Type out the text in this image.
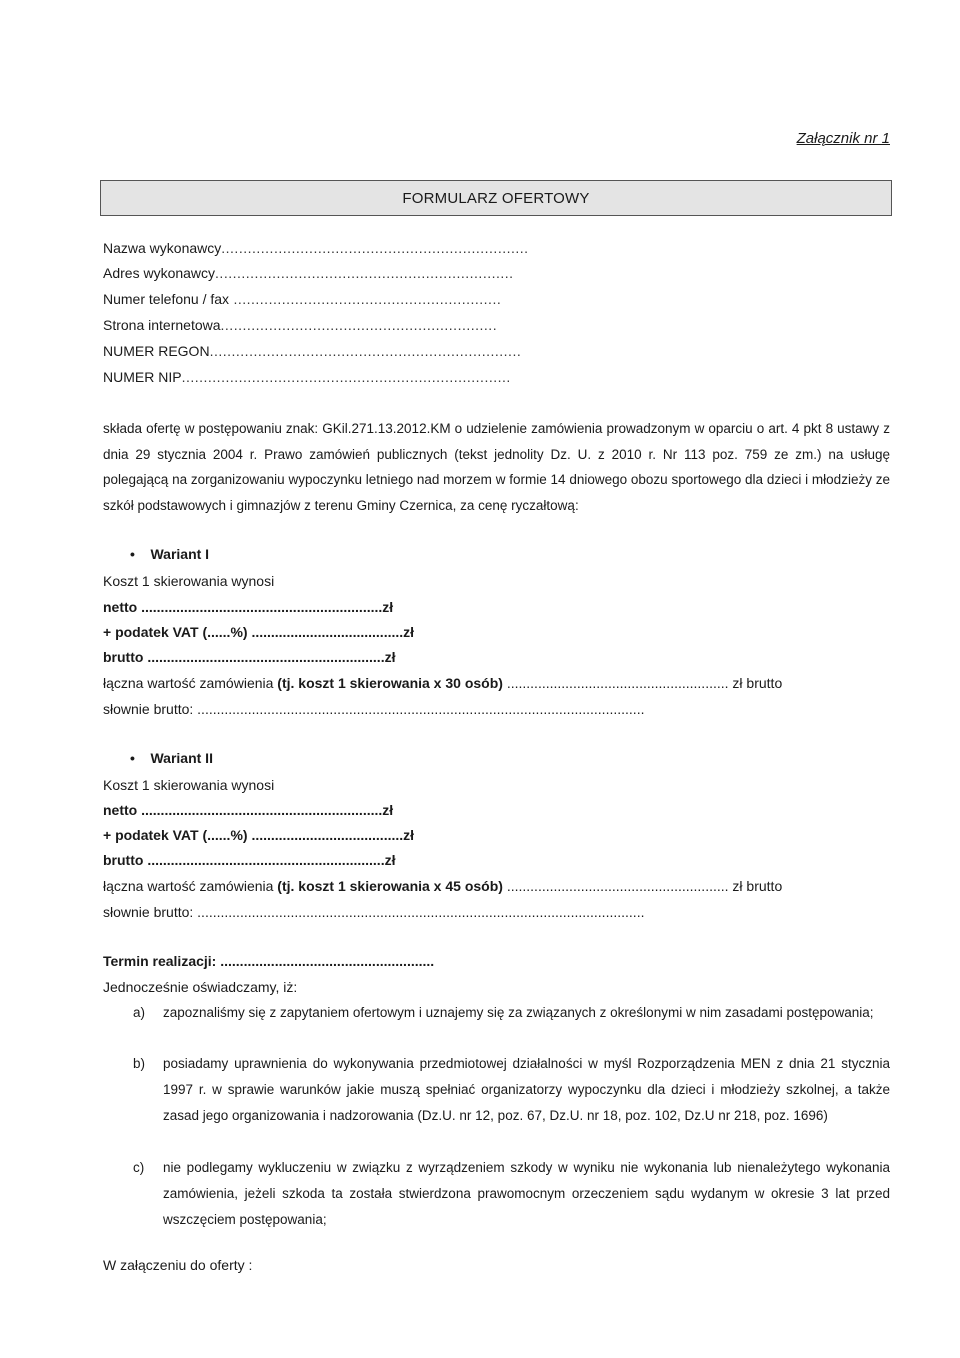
Załącznik nr 1
FORMULARZ OFERTOWY
Nazwa wykonawcy......................................................................
Adres wykonawcy....................................................................
Numer telefonu / fax .............................................................
Strona internetowa...............................................................
NUMER REGON.......................................................................
NUMER NIP...........................................................................
składa ofertę w postępowaniu znak: GKil.271.13.2012.KM o udzielenie zamówienia prowadzonym w oparciu o art. 4 pkt 8 ustawy z dnia 29 stycznia 2004 r. Prawo zamówień publicznych (tekst jednolity Dz. U. z 2010 r. Nr 113 poz. 759 ze zm.) na usługę polegającą na zorganizowaniu wypoczynku letniego nad morzem w formie 14 dniowego obozu sportowego dla dzieci i młodzieży ze szkół podstawowych i gimnazjów z terenu Gminy Czernica, za cenę ryczałtową:
• Wariant I
Koszt 1 skierowania wynosi
netto ..............................................................zł
+ podatek VAT (......%) .......................................zł
brutto .............................................................zł
łączna wartość zamówienia (tj. koszt 1 skierowania x 30 osób) ......................................................... zł brutto
słownie brutto: ...................................................................................................................
• Wariant II
Koszt 1 skierowania wynosi
netto ..............................................................zł
+ podatek VAT (......%) .......................................zł
brutto .............................................................zł
łączna wartość zamówienia (tj. koszt 1 skierowania x 45 osób) ......................................................... zł brutto
słownie brutto: ...................................................................................................................
Termin realizacji: .......................................................
Jednocześnie oświadczamy, iż:
a) zapoznaliśmy się z zapytaniem ofertowym i uznajemy się za związanych z określonymi w nim zasadami postępowania;
b) posiadamy uprawnienia do wykonywania przedmiotowej działalności w myśl Rozporządzenia MEN z dnia 21 stycznia 1997 r. w sprawie warunków jakie muszą spełniać organizatorzy wypoczynku dla dzieci i młodzieży szkolnej, a także zasad jego organizowania i nadzorowania (Dz.U. nr 12, poz. 67, Dz.U. nr 18, poz. 102, Dz.U nr 218, poz. 1696)
c) nie podlegamy wykluczeniu w związku z wyrządzeniem szkody w wyniku nie wykonania lub nienależytego wykonania zamówienia, jeżeli szkoda ta została stwierdzona prawomocnym orzeczeniem sądu wydanym w okresie 3 lat przed wszczęciem postępowania;
W załączeniu do oferty :
